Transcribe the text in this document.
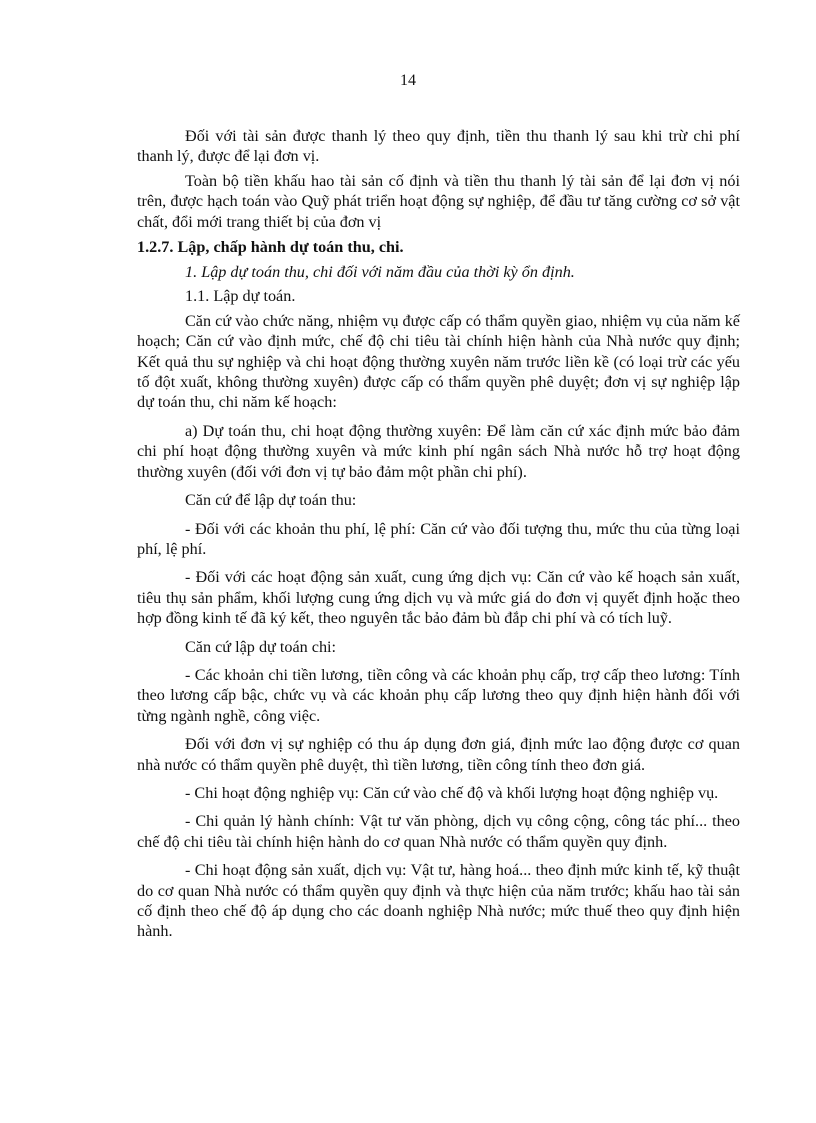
14

Đối với tài sản được thanh lý theo quy định, tiền thu thanh lý sau khi trừ chi phí thanh lý, được để lại đơn vị.

Toàn bộ tiền khấu hao tài sản cố định và tiền thu thanh lý tài sản để lại đơn vị nói trên, được hạch toán vào Quỹ phát triển hoạt động sự nghiệp, để đầu tư tăng cường cơ sở vật chất, đổi mới trang thiết bị của đơn vị

1.2.7. Lập, chấp hành dự toán thu, chi.

1. Lập dự toán thu, chi đối với năm đầu của thời kỳ ổn định.

1.1. Lập dự toán.

Căn cứ vào chức năng, nhiệm vụ được cấp có thẩm quyền giao, nhiệm vụ của năm kế hoạch; Căn cứ vào định mức, chế độ chi tiêu tài chính hiện hành của Nhà nước quy định; Kết quả thu sự nghiệp và chi hoạt động thường xuyên năm trước liền kề (có loại trừ các yếu tố đột xuất, không thường xuyên) được cấp có thẩm quyền phê duyệt; đơn vị sự nghiệp lập dự toán thu, chi năm kế hoạch:

a) Dự toán thu, chi hoạt động thường xuyên: Để làm căn cứ xác định mức bảo đảm chi phí hoạt động thường xuyên và mức kinh phí ngân sách Nhà nước hỗ trợ hoạt động thường xuyên (đối với đơn vị tự bảo đảm một phần chi phí).

Căn cứ để lập dự toán thu:

- Đối với các khoản thu phí, lệ phí: Căn cứ vào đối tượng thu, mức thu của từng loại phí, lệ phí.

- Đối với các hoạt động sản xuất, cung ứng dịch vụ: Căn cứ vào kế hoạch sản xuất, tiêu thụ sản phẩm, khối lượng cung ứng dịch vụ và mức giá do đơn vị quyết định hoặc theo hợp đồng kinh tế đã ký kết, theo nguyên tắc bảo đảm bù đắp chi phí và có tích luỹ.

Căn cứ lập dự toán chi:

- Các khoản chi tiền lương, tiền công và các khoản phụ cấp, trợ cấp theo lương: Tính theo lương cấp bậc, chức vụ và các khoản phụ cấp lương theo quy định hiện hành đối với từng ngành nghề, công việc.

Đối với đơn vị sự nghiệp có thu áp dụng đơn giá, định mức lao động được cơ quan nhà nước có thẩm quyền phê duyệt, thì tiền lương, tiền công tính theo đơn giá.

- Chi hoạt động nghiệp vụ: Căn cứ vào chế độ và khối lượng hoạt động nghiệp vụ.

- Chi quản lý hành chính: Vật tư văn phòng, dịch vụ công cộng, công tác phí... theo chế độ chi tiêu tài chính hiện hành do cơ quan Nhà nước có thẩm quyền quy định.

- Chi hoạt động sản xuất, dịch vụ: Vật tư, hàng hoá... theo định mức kinh tế, kỹ thuật do cơ quan Nhà nước có thẩm quyền quy định và thực hiện của năm trước; khấu hao tài sản cố định theo chế độ áp dụng cho các doanh nghiệp Nhà nước; mức thuế theo quy định hiện hành.
